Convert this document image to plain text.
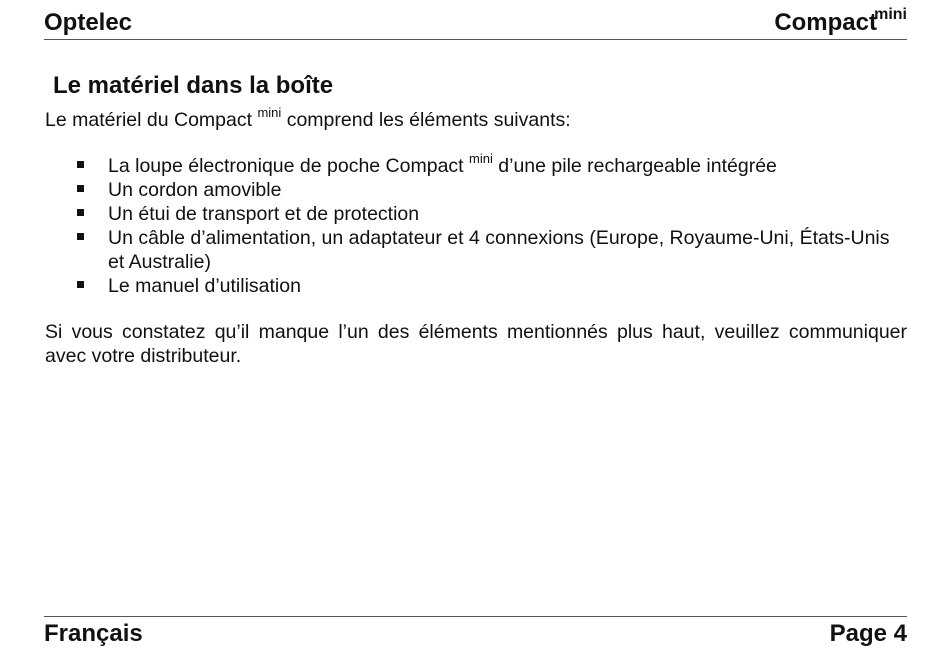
Optelec	Compact
mini
Le matériel dans la boîte

Le matériel du Compact $^{mini}$ comprend les éléments suivants:

La loupe électronique de poche Compact $^{mini}$ d’une pile rechargeable intégrée
Un cordon amovible
Un étui de transport et de protection
Un câble d’alimentation, un adaptateur et 4 connexions (Europe, Royaume-Uni, États-Unis et Australie)
Le manuel d’utilisation

Si vous constatez qu’il manque l’un des éléments mentionnés plus haut, veuillez communiquer avec votre distributeur.

Français	Page 4
